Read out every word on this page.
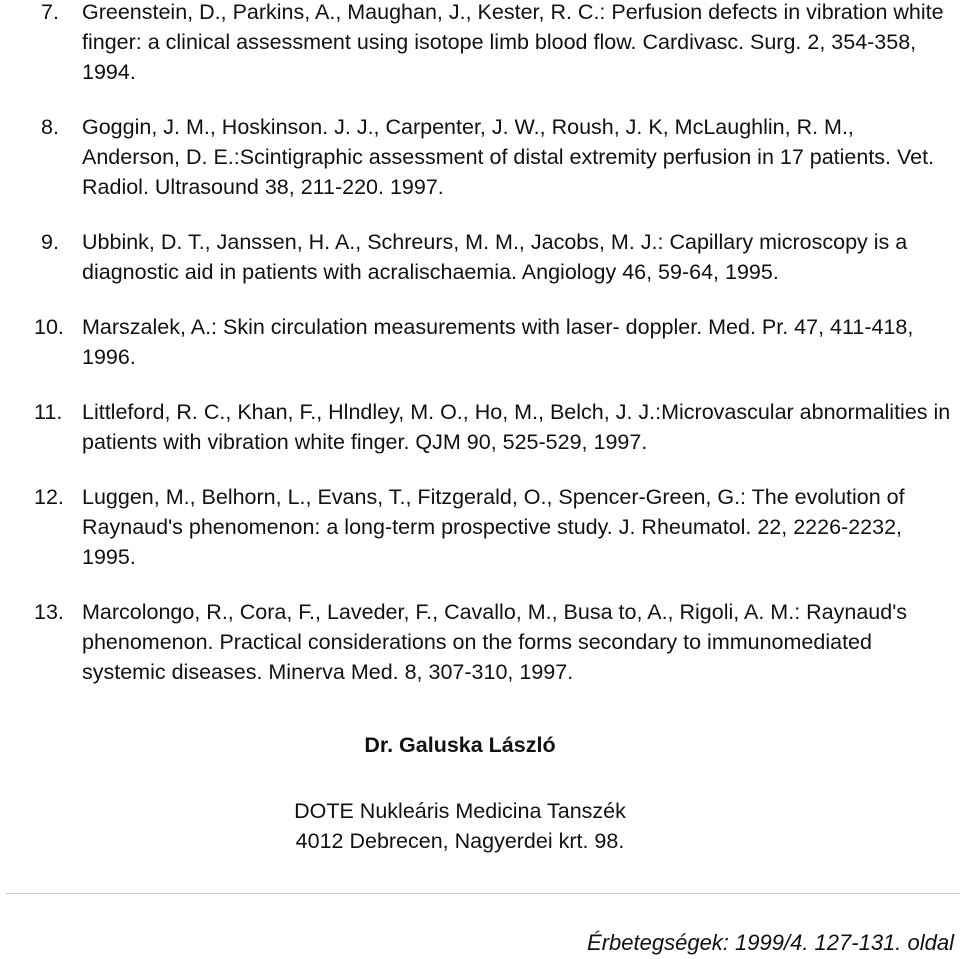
7.	Greenstein, D., Parkins, A., Maughan, J., Kester, R. C.: Perfusion defects in vibration white finger: a clinical assessment using isotope limb blood flow. Cardivasc. Surg. 2, 354-358, 1994.
8.	Goggin, J. M., Hoskinson. J. J., Carpenter, J. W., Roush, J. K, McLaughlin, R. M., Anderson, D. E.:Scintigraphic assessment of distal extremity perfusion in 17 patients. Vet. Radiol. Ultrasound 38, 211-220. 1997.
9.	Ubbink, D. T., Janssen, H. A., Schreurs, M. M., Jacobs, M. J.: Capillary microscopy is a diagnostic aid in patients with acralischaemia. Angiology 46, 59-64, 1995.
10. Marszalek, A.: Skin circulation measurements with laser- doppler. Med. Pr. 47, 411-418, 1996.
11. Littleford, R. C., Khan, F., Hlndley, M. O., Ho, M., Belch, J. J.:Microvascular abnormalities in patients with vibration white finger. QJM 90, 525-529, 1997.
12. Luggen, M., Belhorn, L., Evans, T., Fitzgerald, O., Spencer-Green, G.: The evolution of Raynaud's phenomenon: a long-term prospective study. J. Rheumatol. 22, 2226-2232, 1995.
13. Marcolongo, R., Cora, F., Laveder, F., Cavallo, M., Busa to, A., Rigoli, A. M.: Raynaud's phenomenon. Practical considerations on the forms secondary to immunomediated systemic diseases. Minerva Med. 8, 307-310, 1997.
Dr. Galuska László
DOTE Nukleáris Medicina Tanszék
4012 Debrecen, Nagyerdei krt. 98.
Érbetegségek: 1999/4. 127-131. oldal
